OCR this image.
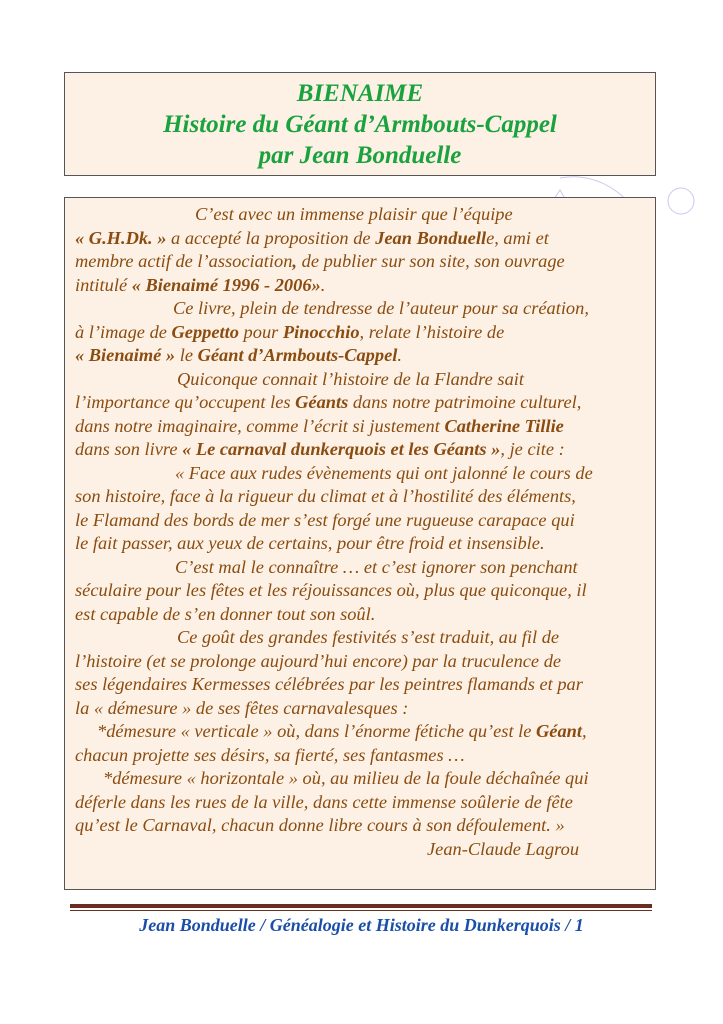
BIENAIME
Histoire du Géant d’Armbouts-Cappel
par Jean Bonduelle

C’est avec un immense plaisir que l’équipe

« G.H.Dk. » a accepté la proposition de Jean Bonduelle, ami et

membre actif de l’association, de publier sur son site, son ouvrage

intitulé « Bienaimé 1996 - 2006».

Ce livre, plein de tendresse de l’auteur pour sa création,

à l’image de Geppetto pour Pinocchio, relate l’histoire de

« Bienaimé » le Géant d’Armbouts-Cappel.

Quiconque connait l’histoire de la Flandre sait

l’importance qu’occupent les Géants dans notre patrimoine culturel,

dans notre imaginaire, comme l’écrit si justement Catherine Tillie

dans son livre « Le carnaval dunkerquois et les Géants », je cite :

« Face aux rudes évènements qui ont jalonné le cours de

son histoire, face à la rigueur du climat et à l’hostilité des éléments,

le Flamand des bords de mer s’est forgé une rugueuse carapace qui

le fait passer, aux yeux de certains, pour être froid et insensible.

C’est mal le connaître … et c’est ignorer son penchant

séculaire pour les fêtes et les réjouissances où, plus que quiconque, il

est capable de s’en donner tout son soûl.

Ce goût des grandes festivités s’est traduit, au fil de

l’histoire (et se prolonge aujourd’hui encore) par la truculence de

ses légendaires Kermesses célébrées par les peintres flamands et par

la « démesure » de ses fêtes carnavalesques :

*démesure « verticale » où, dans l’énorme fétiche qu’est le Géant,

chacun projette ses désirs, sa fierté, ses fantasmes …

*démesure « horizontale » où, au milieu de la foule déchaînée qui

déferle dans les rues de la ville, dans cette immense soûlerie de fête

qu’est le Carnaval, chacun donne libre cours à son défoulement. »

Jean-Claude Lagrou

Jean Bonduelle / Généalogie et Histoire du Dunkerquois / 1
